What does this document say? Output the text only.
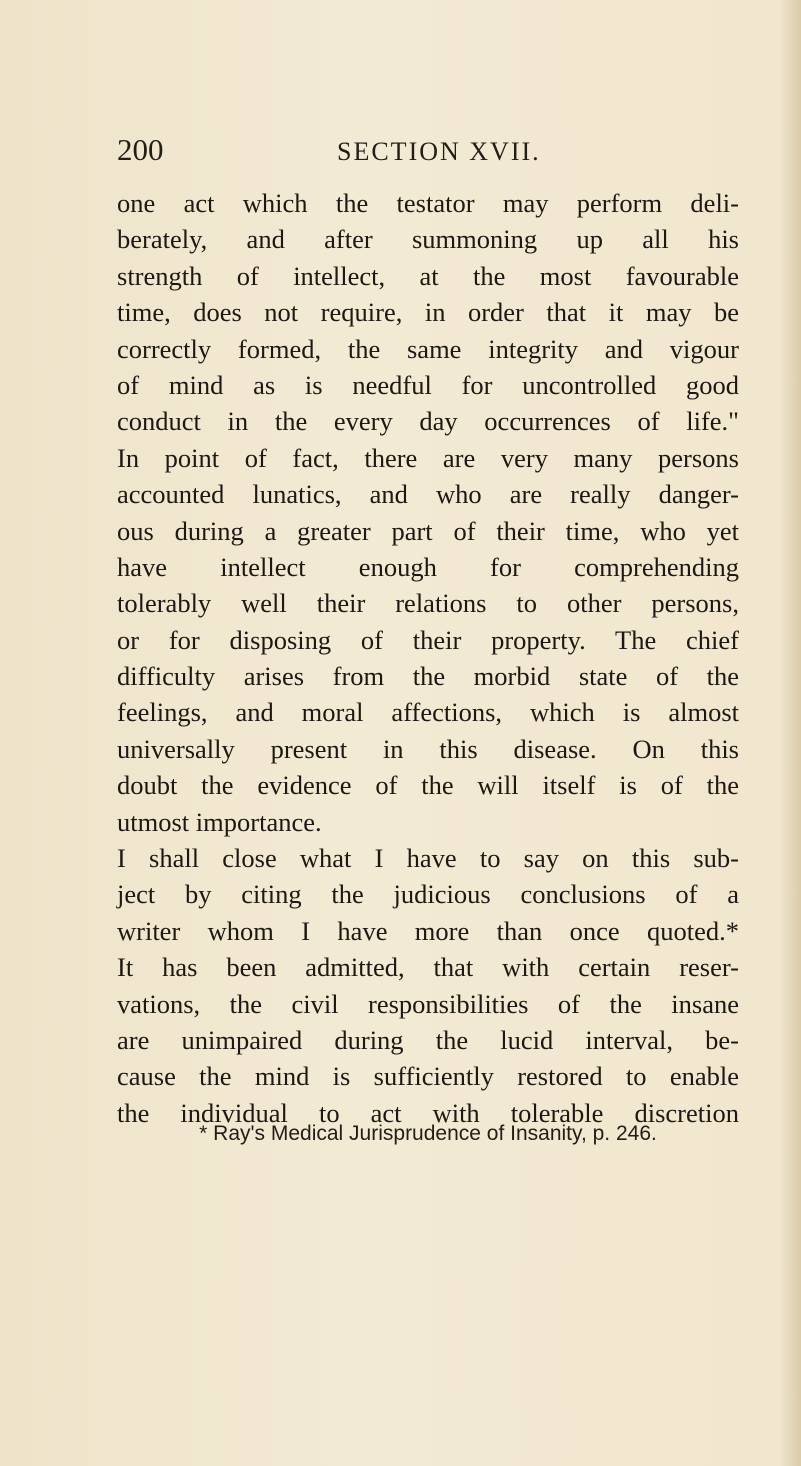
200	SECTION XVII.
one act which the testator may perform deli-
berately, and after summoning up all his
strength of intellect, at the most favourable
time, does not require, in order that it may be
correctly formed, the same integrity and vigour
of mind as is needful for uncontrolled good
conduct in the every day occurrences of life."
In point of fact, there are very many persons
accounted lunatics, and who are really danger-
ous during a greater part of their time, who yet
have intellect enough for comprehending
tolerably well their relations to other persons,
or for disposing of their property. The chief
difficulty arises from the morbid state of the
feelings, and moral affections, which is almost
universally present in this disease. On this
doubt the evidence of the will itself is of the
utmost importance.
I shall close what I have to say on this sub-
ject by citing the judicious conclusions of a
writer whom I have more than once quoted.*
It has been admitted, that with certain reser-
vations, the civil responsibilities of the insane
are unimpaired during the lucid interval, be-
cause the mind is sufficiently restored to enable
the individual to act with tolerable discretion
* Ray's Medical Jurisprudence of Insanity, p. 246.
